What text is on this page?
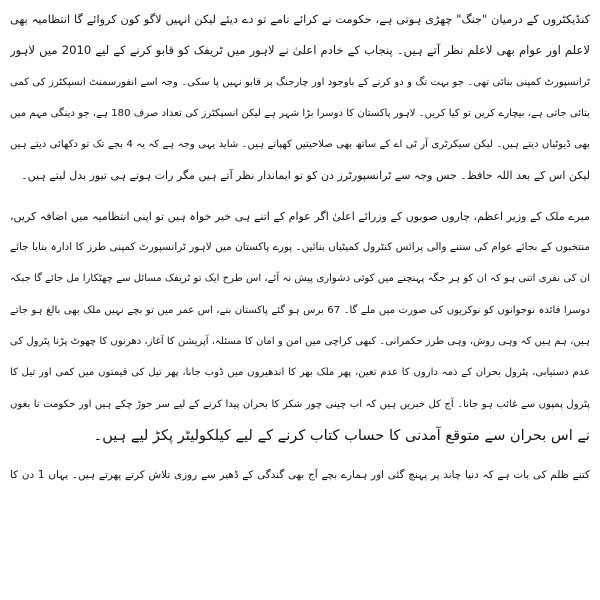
کنڈیکٹروں کے درمیان "جنگ" چھڑی ہوتی ہے، حکومت نے کرائے نامے تو دے دیئے لیکن انہیں لاگو کون کروائے گا انتظامیہ بھی
لاعلم اور عوام بھی لاعلم نظر آتے ہیں۔ پنجاب کے خادم اعلیٰ نے لاہور میں ٹریفک کو قابو کرنے کے لیے 2010 میں لاہور
ٹرانسپورٹ کمپنی بنائی تھی۔ جو بہت تگ و دو کرنے کے باوجود اور چارجنگ پر قابو نہیں پا سکی۔ وجہ اسے انفورسمنٹ انسپکٹرز کی کمی
بتائی جاتی ہے، بیچارے کریں تو کیا کریں۔ لاہور پاکستان کا دوسرا بڑا شہر ہے لیکن انسپکٹرز کی تعداد صرف 180 ہے، جو دینگی مہم میں
بھی ڈیوٹیاں دیتے ہیں۔ لیکن سیکرٹری آر ٹی اے کے ساتھ بھی صلاحیتیں کھپاتے ہیں۔ شاید یہی وجہ ہے کہ یہ 4 بجے تک تو دکھائی دیتے ہیں
لیکن اس کے بعد اللہ حافظ۔ جس وجہ سے ٹرانسپورٹرز دن کو تو ایماندار نظر آتے ہیں مگر رات ہوتے ہی تیور بدل لیتے ہیں۔
میرے ملک کے وزیر اعظم، چاروں صوبوں کے وزرائے اعلیٰ اگر عوام کے اتنے ہی خیر خواہ ہیں تو اپنی انتظامیہ میں اضافہ کریں،
منتخبوں کے بجائے عوام کی سننے والی پرائس کنٹرول کمیٹیاں بنائیں۔ پورے پاکستان میں لاہور ٹرانسپورٹ کمپنی طرز کا ادارہ بنایا جائے
ان کی نفری اتنی ہو کہ ان کو ہر جگہ پہنچنے میں کوئی دشواری پیش نہ آئے، اس طرح ایک تو ٹریفک مسائل سے چھٹکارا مل جائے گا جبکہ
دوسرا فائدہ نوجوانوں کو نوکریوں کی صورت میں ملے گا۔ 67 برس ہو گئے پاکستان بنے، اس عمر میں تو بچے نہیں ملک بھی بالغ ہو جاتے
ہیں، ہم ہیں کہ وہی روش، وہی طرز حکمرانی۔ کبھی کراچی میں امن و امان کا مسئلہ، آپریشن کا آغاز، دھرنوں کا چھوٹ پڑنا پٹرول کی
عدم دستیابی، پٹرول بحران کے ذمہ داروں کا عدم تعین، پھر ملک بھر کا اندھیروں میں ڈوب جانا، پھر تیل کی قیمتوں میں کمی اور تیل کا
پٹرول پمپوں سے غائب ہو جانا۔ آج کل خبریں ہیں کہ اب چینی چور شکر کا بحران پیدا کرنے کے لیے سر جوڑ چکے ہیں اور حکومت نا بغوں
نے اس بحران سے متوقع آمدنی کا حساب کتاب کرنے کے لیے کیلکولیٹر پکڑ لیے ہیں۔
کتنے ظلم کی بات ہے کہ دنیا چاند پر پہنچ گئی اور ہمارے بچے آج بھی گندگی کے ڈھیر سے روزی تلاش کرتے پھرتے ہیں۔ یہاں 1 دن کا
